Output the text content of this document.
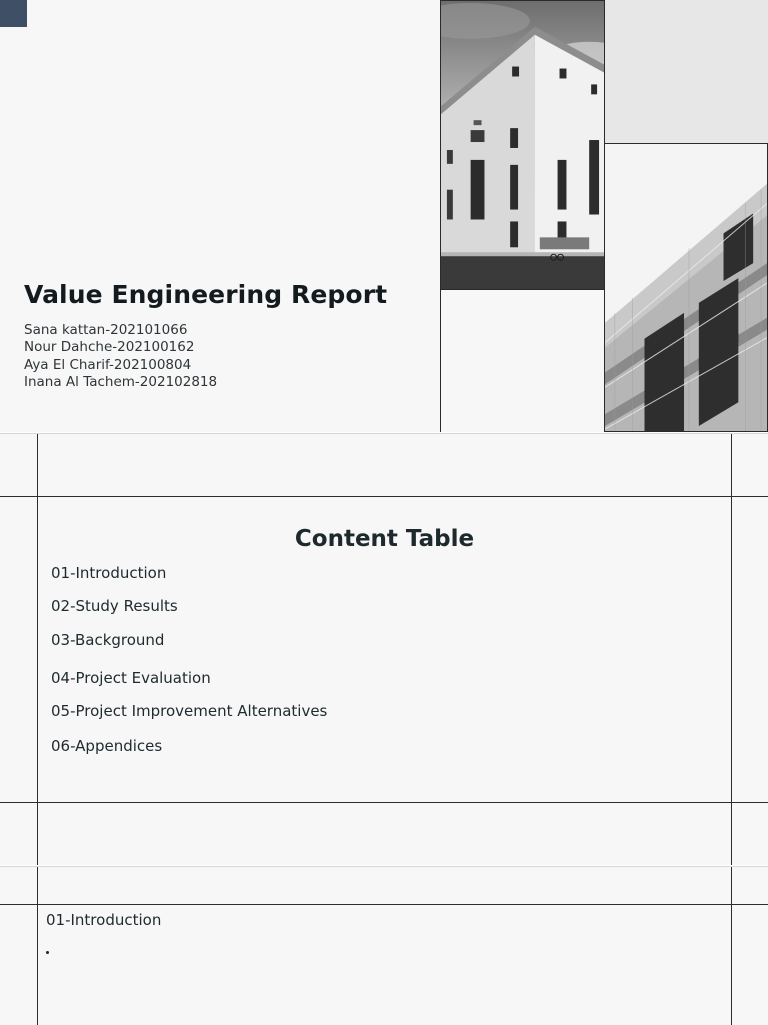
Value Engineering Report
Sana kattan-202101066
Nour Dahche-202100162
Aya El Charif-202100804
Inana Al Tachem-202102818
Content Table
01-Introduction
02-Study Results
03-Background
04-Project Evaluation
05-Project Improvement Alternatives
06-Appendices
01-Introduction
